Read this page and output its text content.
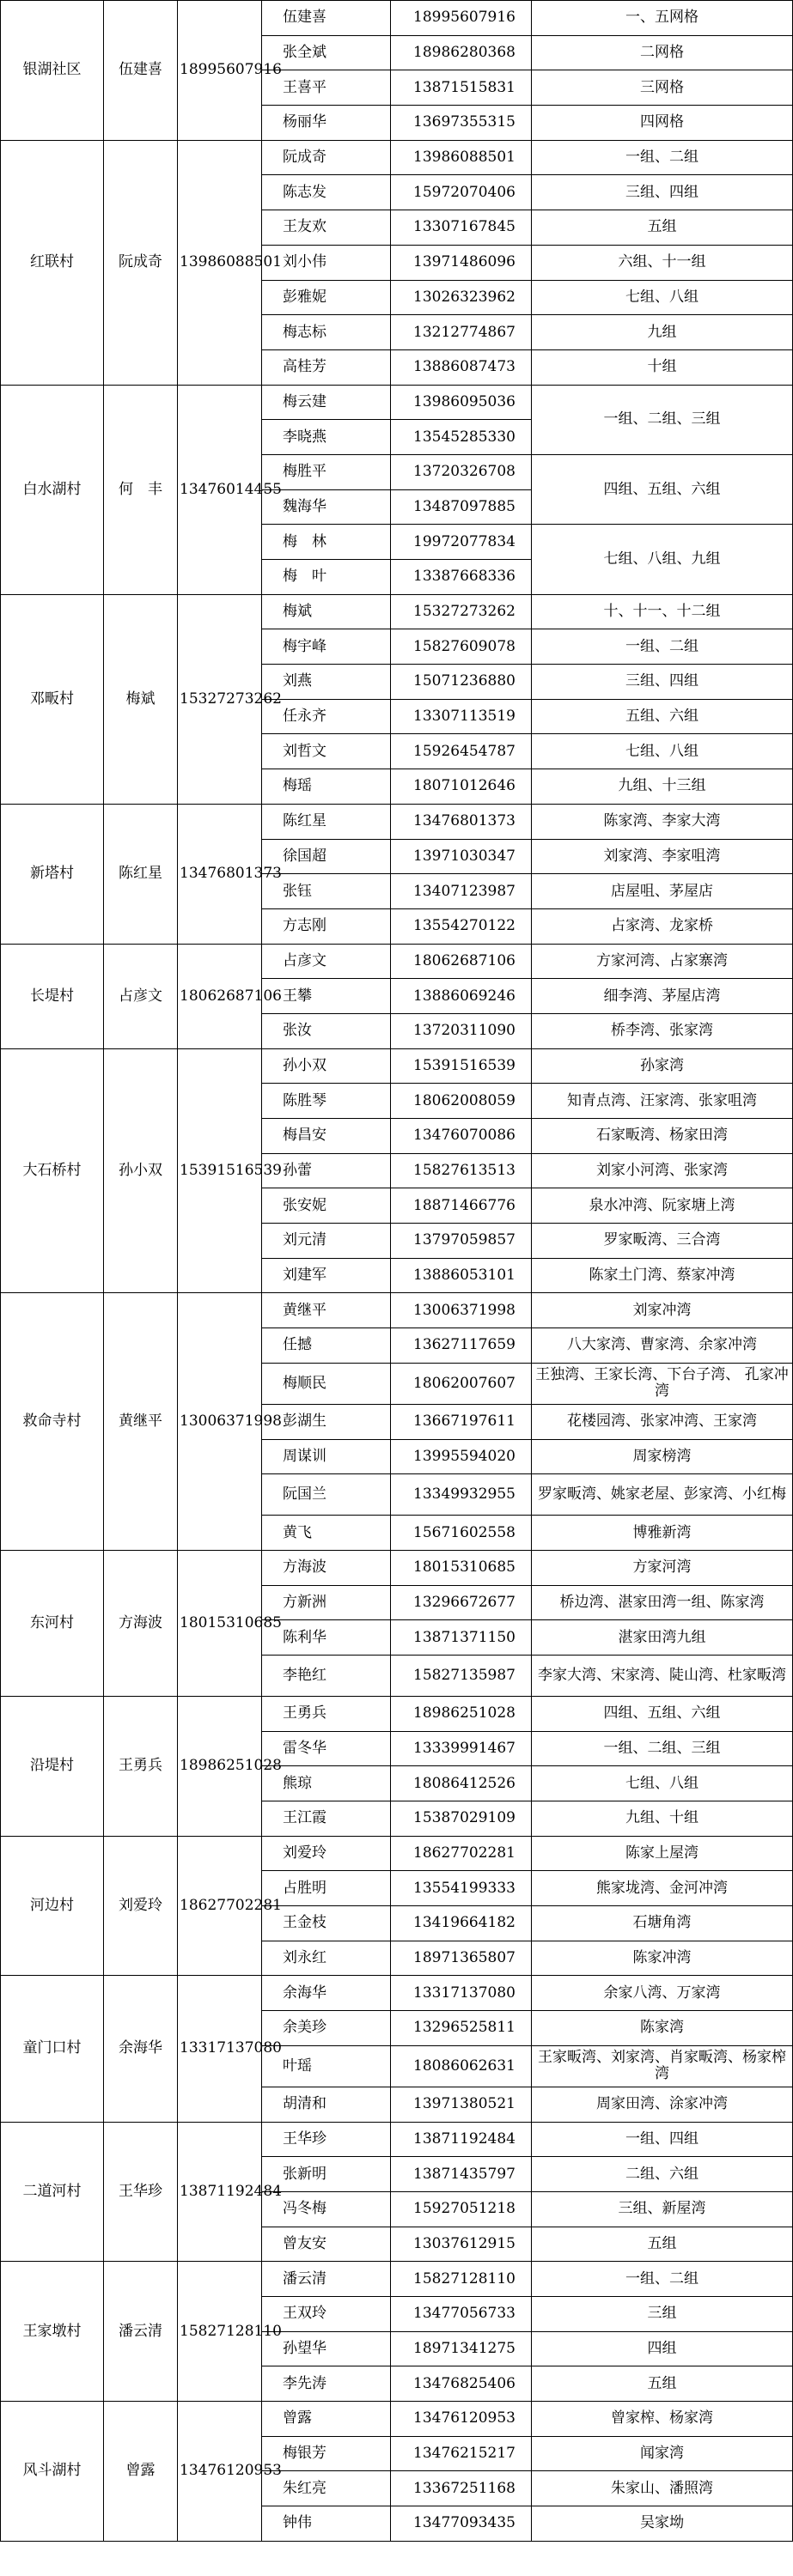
银湖社区	伍建喜	18995607916	伍建喜	18995607916	一、五网格
			张全斌	18986280368	二网格
			王喜平	13871515831	三网格
			杨丽华	13697355315	四网格
红联村	阮成奇	13986088501	阮成奇	13986088501	一组、二组
			陈志发	15972070406	三组、四组
			王友欢	13307167845	五组
			刘小伟	13971486096	六组、十一组
			彭雅妮	13026323962	七组、八组
			梅志标	13212774867	九组
			高桂芳	13886087473	十组
白水湖村	何　丰	13476014455	梅云建	13986095036	一组、二组、三组
			李晓燕	13545285330	
			梅胜平	13720326708	四组、五组、六组
			魏海华	13487097885	
			梅　林	19972077834	七组、八组、九组
			梅　叶	13387668336	
邓畈村	梅斌	15327273262	梅斌	15327273262	十、十一、十二组
			梅宇峰	15827609078	一组、二组
			刘燕	15071236880	三组、四组
			任永齐	13307113519	五组、六组
			刘哲文	15926454787	七组、八组
			梅瑶	18071012646	九组、十三组
新塔村	陈红星	13476801373	陈红星	13476801373	陈家湾、李家大湾
			徐国超	13971030347	刘家湾、李家咀湾
			张钰	13407123987	店屋咀、茅屋店
			方志刚	13554270122	占家湾、龙家桥
长堤村	占彦文	18062687106	占彦文	18062687106	方家河湾、占家寨湾
			王攀	13886069246	细李湾、茅屋店湾
			张汝	13720311090	桥李湾、张家湾
大石桥村	孙小双	15391516539	孙小双	15391516539	孙家湾
			陈胜琴	18062008059	知青点湾、汪家湾、张家咀湾
			梅昌安	13476070086	石家畈湾、杨家田湾
			孙蕾	15827613513	刘家小河湾、张家湾
			张安妮	18871466776	泉水冲湾、阮家塘上湾
			刘元清	13797059857	罗家畈湾、三合湾
			刘建军	13886053101	陈家土门湾、蔡家冲湾
救命寺村	黄继平	13006371998	黄继平	13006371998	刘家冲湾
			任撼	13627117659	八大家湾、曹家湾、余家冲湾
			梅顺民	18062007607	王独湾、王家长湾、下台子湾、 孔家冲湾
			彭湖生	13667197611	花楼园湾、张家冲湾、王家湾
			周谋训	13995594020	周家榜湾
			阮国兰	13349932955	罗家畈湾、姚家老屋、彭家湾、小红梅
			黄飞	15671602558	博雅新湾
东河村	方海波	18015310685	方海波	18015310685	方家河湾
			方新洲	13296672677	桥边湾、湛家田湾一组、陈家湾
			陈利华	13871371150	湛家田湾九组
			李艳红	15827135987	李家大湾、宋家湾、陡山湾、杜家畈湾
沿堤村	王勇兵	18986251028	王勇兵	18986251028	四组、五组、六组
			雷冬华	13339991467	一组、二组、三组
			熊琼	18086412526	七组、八组
			王江霞	15387029109	九组、十组
河边村	刘爱玲	18627702281	刘爱玲	18627702281	陈家上屋湾
			占胜明	13554199333	熊家垅湾、金河冲湾
			王金枝	13419664182	石塘角湾
			刘永红	18971365807	陈家冲湾
童门口村	余海华	13317137080	余海华	13317137080	余家八湾、万家湾
			余美珍	13296525811	陈家湾
			叶瑶	18086062631	王家畈湾、刘家湾、肖家畈湾、杨家榨湾
			胡清和	13971380521	周家田湾、涂家冲湾
二道河村	王华珍	13871192484	王华珍	13871192484	一组、四组
			张新明	13871435797	二组、六组
			冯冬梅	15927051218	三组、新屋湾
			曾友安	13037612915	五组
王家墩村	潘云清	15827128110	潘云清	15827128110	一组、二组
			王双玲	13477056733	三组
			孙望华	18971341275	四组
			李先涛	13476825406	五组
风斗湖村	曾露	13476120953	曾露	13476120953	曾家榨、杨家湾
			梅银芳	13476215217	闻家湾
			朱红亮	13367251168	朱家山、潘照湾
			钟伟	13477093435	吴家坳
